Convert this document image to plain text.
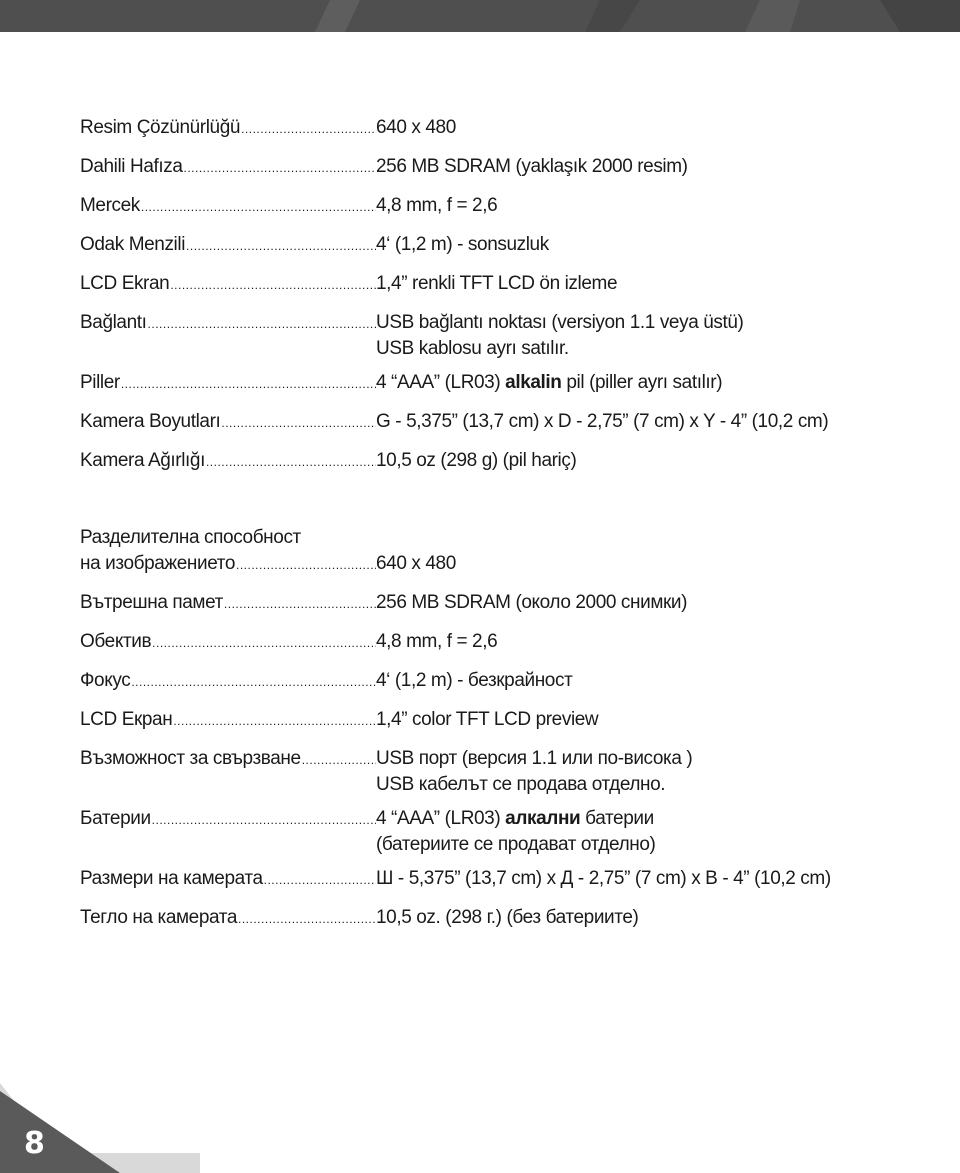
Resim Çözünürlüğü .....	640 x 480
Dahili Hafıza .....	256 MB SDRAM (yaklaşık 2000 resim)
Mercek .....	4,8 mm, f = 2,6
Odak Menzili .....	4‘ (1,2 m) - sonsuzluk
LCD Ekran .....	1,4” renkli TFT LCD ön izleme
Bağlantı .....	USB bağlantı noktası (versiyon 1.1 veya üstü)
USB kablosu ayrı satılır.
Piller .....	4 “AAA” (LR03) alkalin pil (piller ayrı satılır)
Kamera Boyutları .....	G - 5,375” (13,7 cm) x D - 2,75” (7 cm) x Y - 4” (10,2 cm)
Kamera Ağırlığı .....	10,5 oz (298 g) (pil hariç)
Разделителна способност
на изображението .....	640 x 480
Вътрешна памет .....	256 MB SDRAM (около 2000 снимки)
Обектив .....	4,8 mm, f = 2,6
Фокус .....	4‘ (1,2 m) - безкрайност
LCD Екран .....	1,4” color TFT LCD preview
Възможност за свързване .....	USB порт (версия 1.1 или по-висока )
USB кабелът се продава отделно.
Батерии .....	4 “AAA” (LR03) алкални батерии
(батериите се продават отделно)
Размери на камерата .....	Ш - 5,375” (13,7 cm) x Д - 2,75” (7 cm) x В - 4” (10,2 cm)
Тегло на камерата .....	10,5 oz. (298 г.) (без батериите)
8
